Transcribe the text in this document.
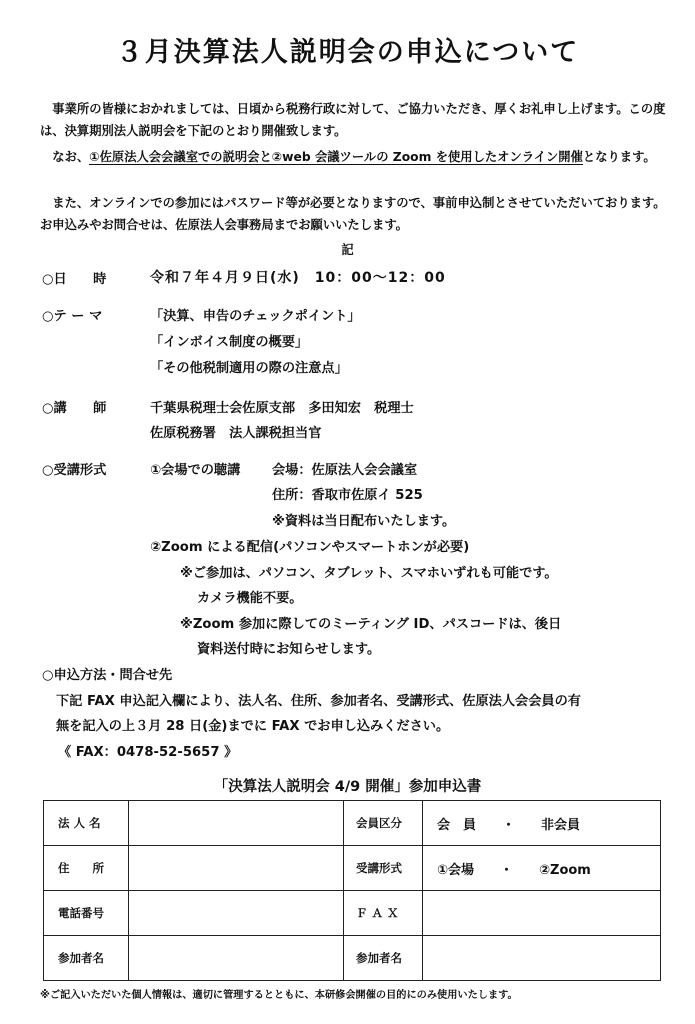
３月決算法人説明会の申込について
　事業所の皆様におかれましては、日頃から税務行政に対して、ご協力いただき、厚くお礼申し上げます。この度は、決算期別法人説明会を下記のとおり開催致します。
　なお、①佐原法人会会議室での説明会と②web 会議ツールの Zoom を使用したオンライン開催となります。
　また、オンラインでの参加にはパスワード等が必要となりますので、事前申込制とさせていただいております。お申込みやお問合せは、佐原法人会事務局までお願いいたします。
記
○日　　時	令和７年４月９日(水)　10：00～12：00
○テ ー マ	「決算、申告のチェックポイント」
「インボイス制度の概要」
「その他税制適用の際の注意点」
○講　　師	千葉県税理士会佐原支部　多田知宏　税理士
佐原税務署　法人課税担当官
○受講形式	①会場での聴講 会場：佐原法人会会議室
住所：香取市佐原イ 525
※資料は当日配布いたします。
②Zoom による配信(パソコンやスマートホンが必要)
※ご参加は、パソコン、タブレット、スマホいずれも可能です。
カメラ機能不要。
※Zoom 参加に際してのミーティング ID、パスコードは、後日
資料送付時にお知らせします。
○申込方法・問合せ先
下記 FAX 申込記入欄により、法人名、住所、参加者名、受講形式、佐原法人会会員の有
無を記入の上３月 28 日(金)までに FAX でお申し込みください。
《 FAX：0478-52-5657 》
「決算法人説明会 4/9 開催」参加申込書
法 人 名		会員区分	会　員　　・　　非会員
住　　所		受講形式	①会場　　・　　②Zoom
電話番号		Ｆ Ａ Ｘ	
参加者名		参加者名	
※ご記入いただいた個人情報は、適切に管理するとともに、本研修会開催の目的にのみ使用いたします。
